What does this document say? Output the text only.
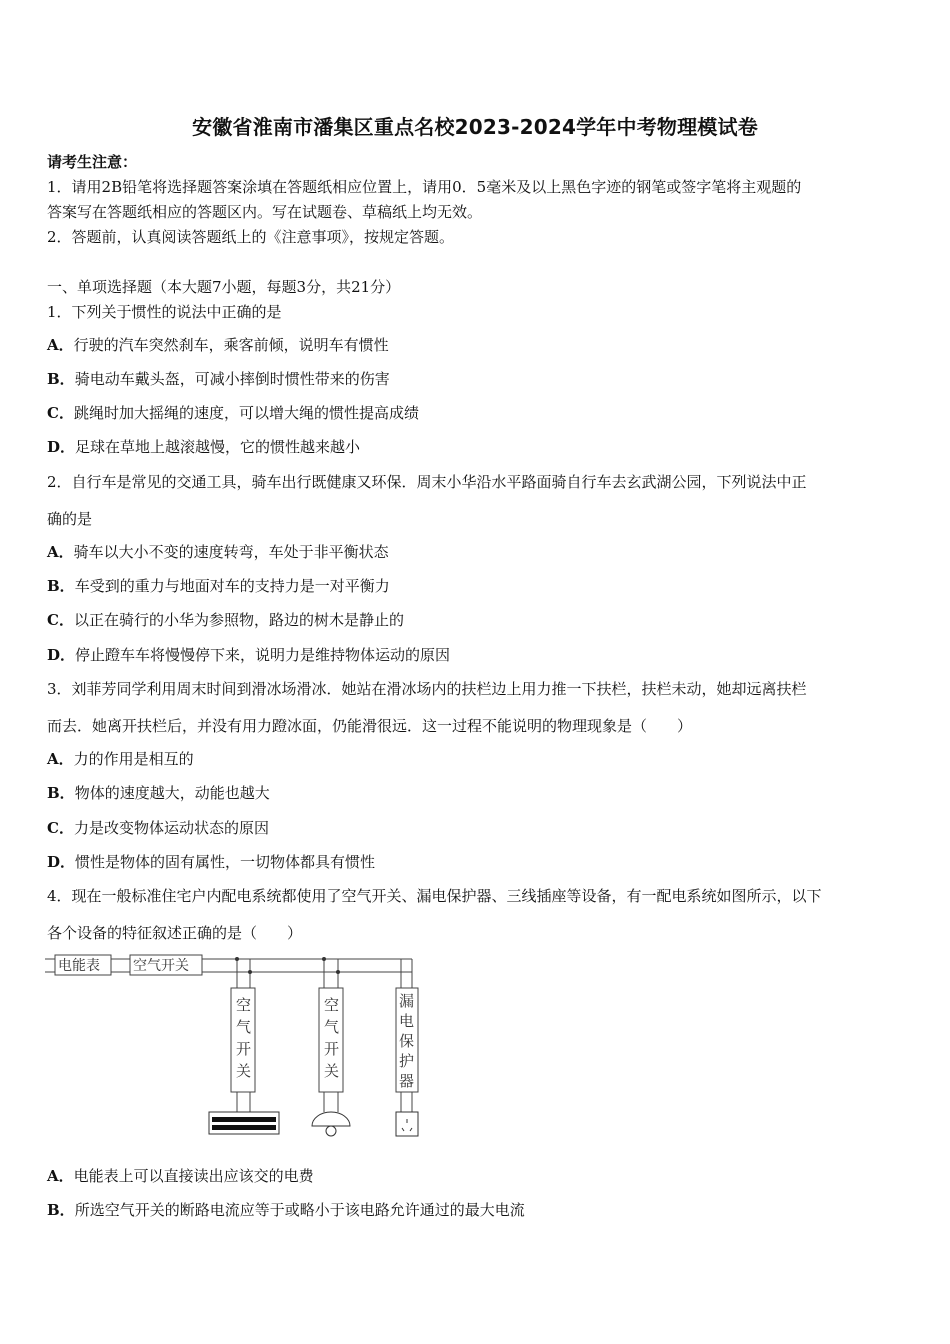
安徽省淮南市潘集区重点名校2023-2024学年中考物理模试卷
请考生注意：
1．请用2B铅笔将选择题答案涂填在答题纸相应位置上，请用0．5毫米及以上黑色字迹的钢笔或签字笔将主观题的
答案写在答题纸相应的答题区内。写在试题卷、草稿纸上均无效。
2．答题前，认真阅读答题纸上的《注意事项》，按规定答题。
一、单项选择题（本大题7小题，每题3分，共21分）
1．下列关于惯性的说法中正确的是
A．行驶的汽车突然刹车，乘客前倾，说明车有惯性
B．骑电动车戴头盔，可减小摔倒时惯性带来的伤害
C．跳绳时加大摇绳的速度，可以增大绳的惯性提高成绩
D．足球在草地上越滚越慢，它的惯性越来越小
2．自行车是常见的交通工具，骑车出行既健康又环保．周末小华沿水平路面骑自行车去玄武湖公园，下列说法中正
确的是
A．骑车以大小不变的速度转弯，车处于非平衡状态
B．车受到的重力与地面对车的支持力是一对平衡力
C．以正在骑行的小华为参照物，路边的树木是静止的
D．停止蹬车车将慢慢停下来，说明力是维持物体运动的原因
3．刘菲芳同学利用周末时间到滑冰场滑冰．她站在滑冰场内的扶栏边上用力推一下扶栏，扶栏未动，她却远离扶栏
而去．她离开扶栏后，并没有用力蹬冰面，仍能滑很远．这一过程不能说明的物理现象是（　　）
A．力的作用是相互的
B．物体的速度越大，动能也越大
C．力是改变物体运动状态的原因
D．惯性是物体的固有属性，一切物体都具有惯性
4．现在一般标准住宅户内配电系统都使用了空气开关、漏电保护器、三线插座等设备，有一配电系统如图所示，以下
各个设备的特征叙述正确的是（　　）
电能表 空气开关
空
气
开
关
空
气
开
关
漏
电
保
护
器
A．电能表上可以直接读出应该交的电费
B．所选空气开关的断路电流应等于或略小于该电路允许通过的最大电流
